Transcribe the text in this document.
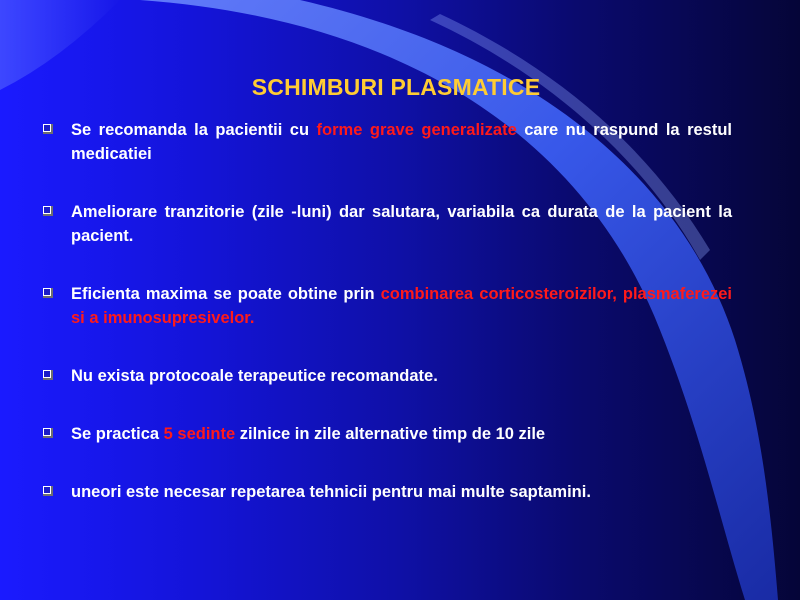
SCHIMBURI PLASMATICE
Se recomanda la pacientii cu forme grave generalizate care nu raspund la restul medicatiei
Ameliorare tranzitorie (zile -luni) dar salutara, variabila ca durata de la pacient la pacient.
Eficienta maxima se poate obtine prin combinarea corticosteroizilor, plasmaferezei si a imunosupresivelor.
Nu exista protocoale terapeutice recomandate.
Se practica 5 sedinte zilnice in zile alternative timp de 10 zile
uneori este necesar repetarea tehnicii pentru mai multe saptamini.
